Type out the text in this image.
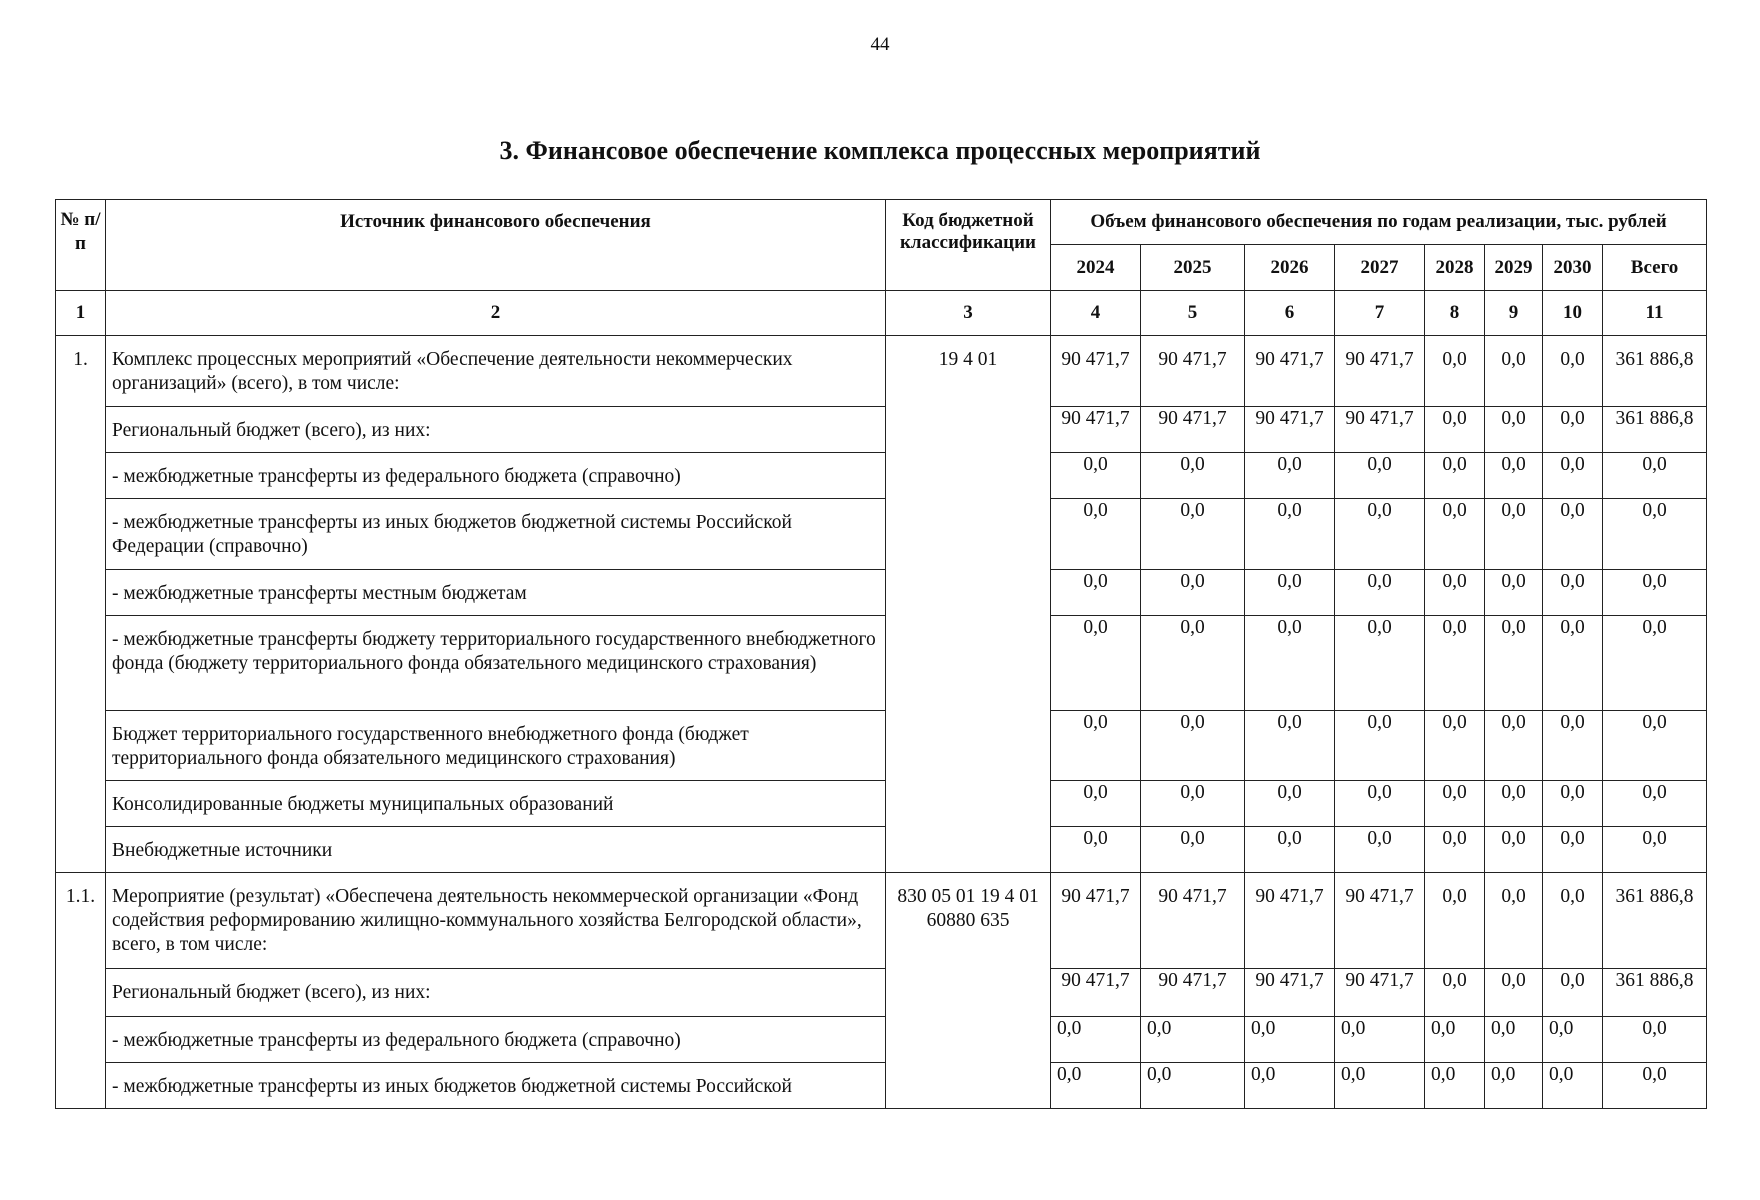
44
3. Финансовое обеспечение комплекса процессных мероприятий
№ п/п	Источник финансового обеспечения	Код бюджетной классификации	Объем финансового обеспечения по годам реализации, тыс. рублей							
			2024	2025	2026	2027	2028	2029	2030	Всего
1	2	3	4	5	6	7	8	9	10	11
1.	Комплекс процессных мероприятий «Обеспечение деятельности некоммерческих организаций» (всего), в том числе:	19 4 01	90 471,7	90 471,7	90 471,7	90 471,7	0,0	0,0	0,0	361 886,8
	Региональный бюджет (всего), из них:		90 471,7	90 471,7	90 471,7	90 471,7	0,0	0,0	0,0	361 886,8
	- межбюджетные трансферты из федерального бюджета (справочно)		0,0	0,0	0,0	0,0	0,0	0,0	0,0	0,0
	- межбюджетные трансферты из иных бюджетов бюджетной системы Российской Федерации (справочно)		0,0	0,0	0,0	0,0	0,0	0,0	0,0	0,0
	- межбюджетные трансферты местным бюджетам		0,0	0,0	0,0	0,0	0,0	0,0	0,0	0,0
	- межбюджетные трансферты бюджету территориального государственного внебюджетного фонда (бюджету территориального фонда обязательного медицинского страхования)		0,0	0,0	0,0	0,0	0,0	0,0	0,0	0,0
	Бюджет территориального государственного внебюджетного фонда (бюджет территориального фонда обязательного медицинского страхования)		0,0	0,0	0,0	0,0	0,0	0,0	0,0	0,0
	Консолидированные бюджеты муниципальных образований		0,0	0,0	0,0	0,0	0,0	0,0	0,0	0,0
	Внебюджетные источники		0,0	0,0	0,0	0,0	0,0	0,0	0,0	0,0
1.1.	Мероприятие (результат) «Обеспечена деятельность некоммерческой организации «Фонд содействия реформированию жилищно-коммунального хозяйства Белгородской области», всего, в том числе:	830 05 01 19 4 01 60880 635	90 471,7	90 471,7	90 471,7	90 471,7	0,0	0,0	0,0	361 886,8
	Региональный бюджет (всего), из них:		90 471,7	90 471,7	90 471,7	90 471,7	0,0	0,0	0,0	361 886,8
	- межбюджетные трансферты из федерального бюджета (справочно)		0,0	0,0	0,0	0,0	0,0	0,0	0,0	0,0
	- межбюджетные трансферты из иных бюджетов бюджетной системы Российской		0,0	0,0	0,0	0,0	0,0	0,0	0,0	0,0
